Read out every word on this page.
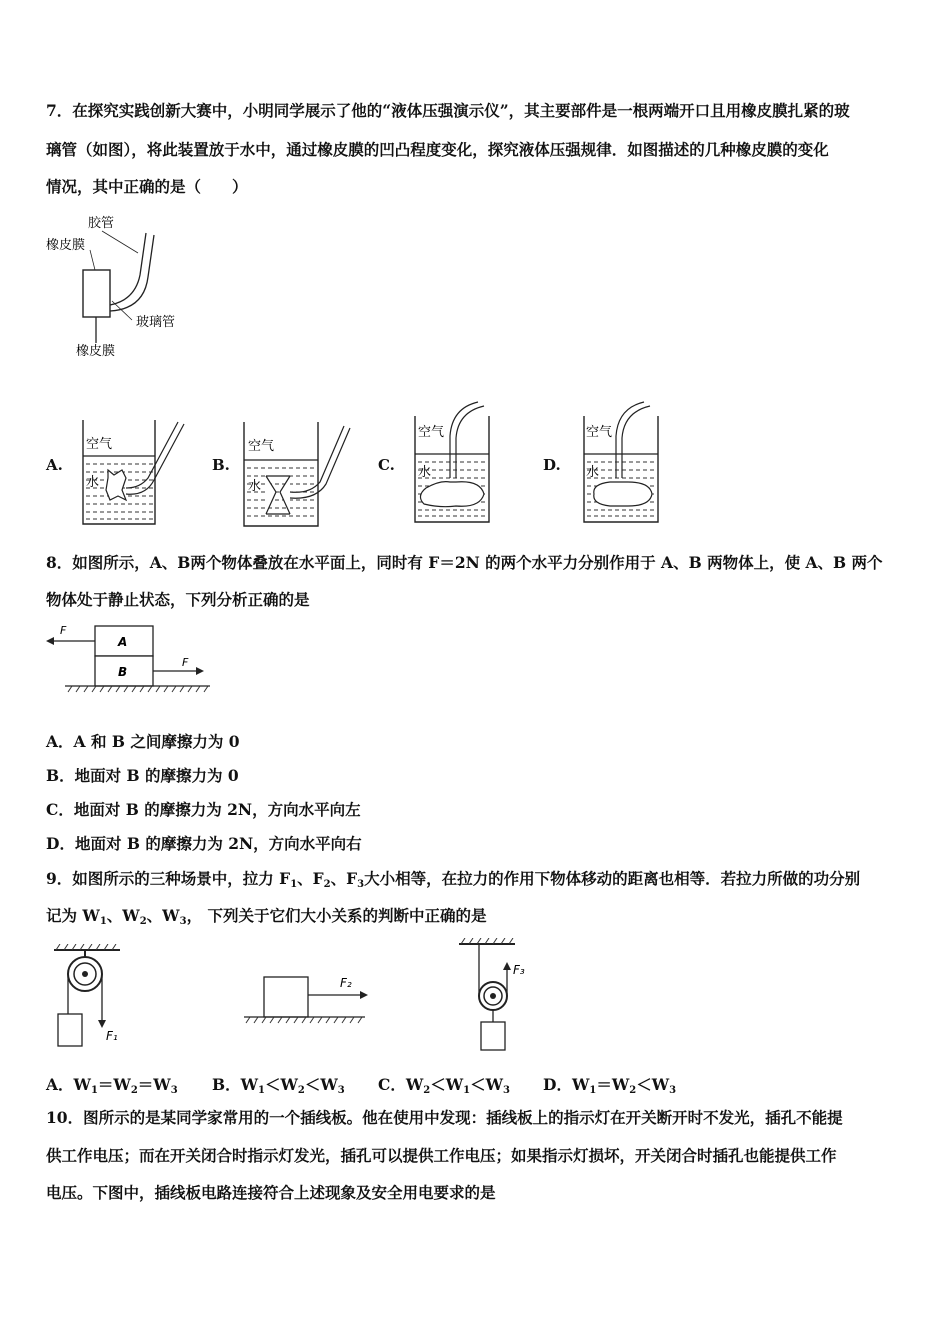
7．在探究实践创新大赛中，小明同学展示了他的“液体压强演示仪”，其主要部件是一根两端开口且用橡皮膜扎紧的玻
璃管（如图），将此装置放于水中，通过橡皮膜的凹凸程度变化，探究液体压强规律．如图描述的几种橡皮膜的变化
情况，其中正确的是（　　）
胶管
橡皮膜
玻璃管
橡皮膜
A.
空气
水
B.
空气
水
C.
空气
水	D.
空气
水
8．如图所示，A、B两个物体叠放在水平面上，同时有 F＝2N 的两个水平力分别作用于 A、B 两物体上，使 A、B 两个
物体处于静止状态，下列分析正确的是
F
F
A
B
A．A 和 B 之间摩擦力为 0
B．地面对 B 的摩擦力为 0
C．地面对 B 的摩擦力为 2N，方向水平向左
D．地面对 B 的摩擦力为 2N，方向水平向右
9．如图所示的三种场景中，拉力 $F_1$、$F_2$、$F_3$大小相等，在拉力的作用下物体移动的距离也相等．若拉力所做的功分别
记为 $W_1$、$W_2$、$W_3$， 下列关于它们大小关系的判断中正确的是
F₁
F₂
F₃
A．$W_1=W_2=W_3$ B．$W_1<W_2<W_3$ C．$W_2<W_1<W_3$ D．$W_1=W_2<W_3$
10．图所示的是某同学家常用的一个插线板。他在使用中发现：插线板上的指示灯在开关断开时不发光，插孔不能提
供工作电压；而在开关闭合时指示灯发光，插孔可以提供工作电压；如果指示灯损坏，开关闭合时插孔也能提供工作
电压。下图中，插线板电路连接符合上述现象及安全用电要求的是
